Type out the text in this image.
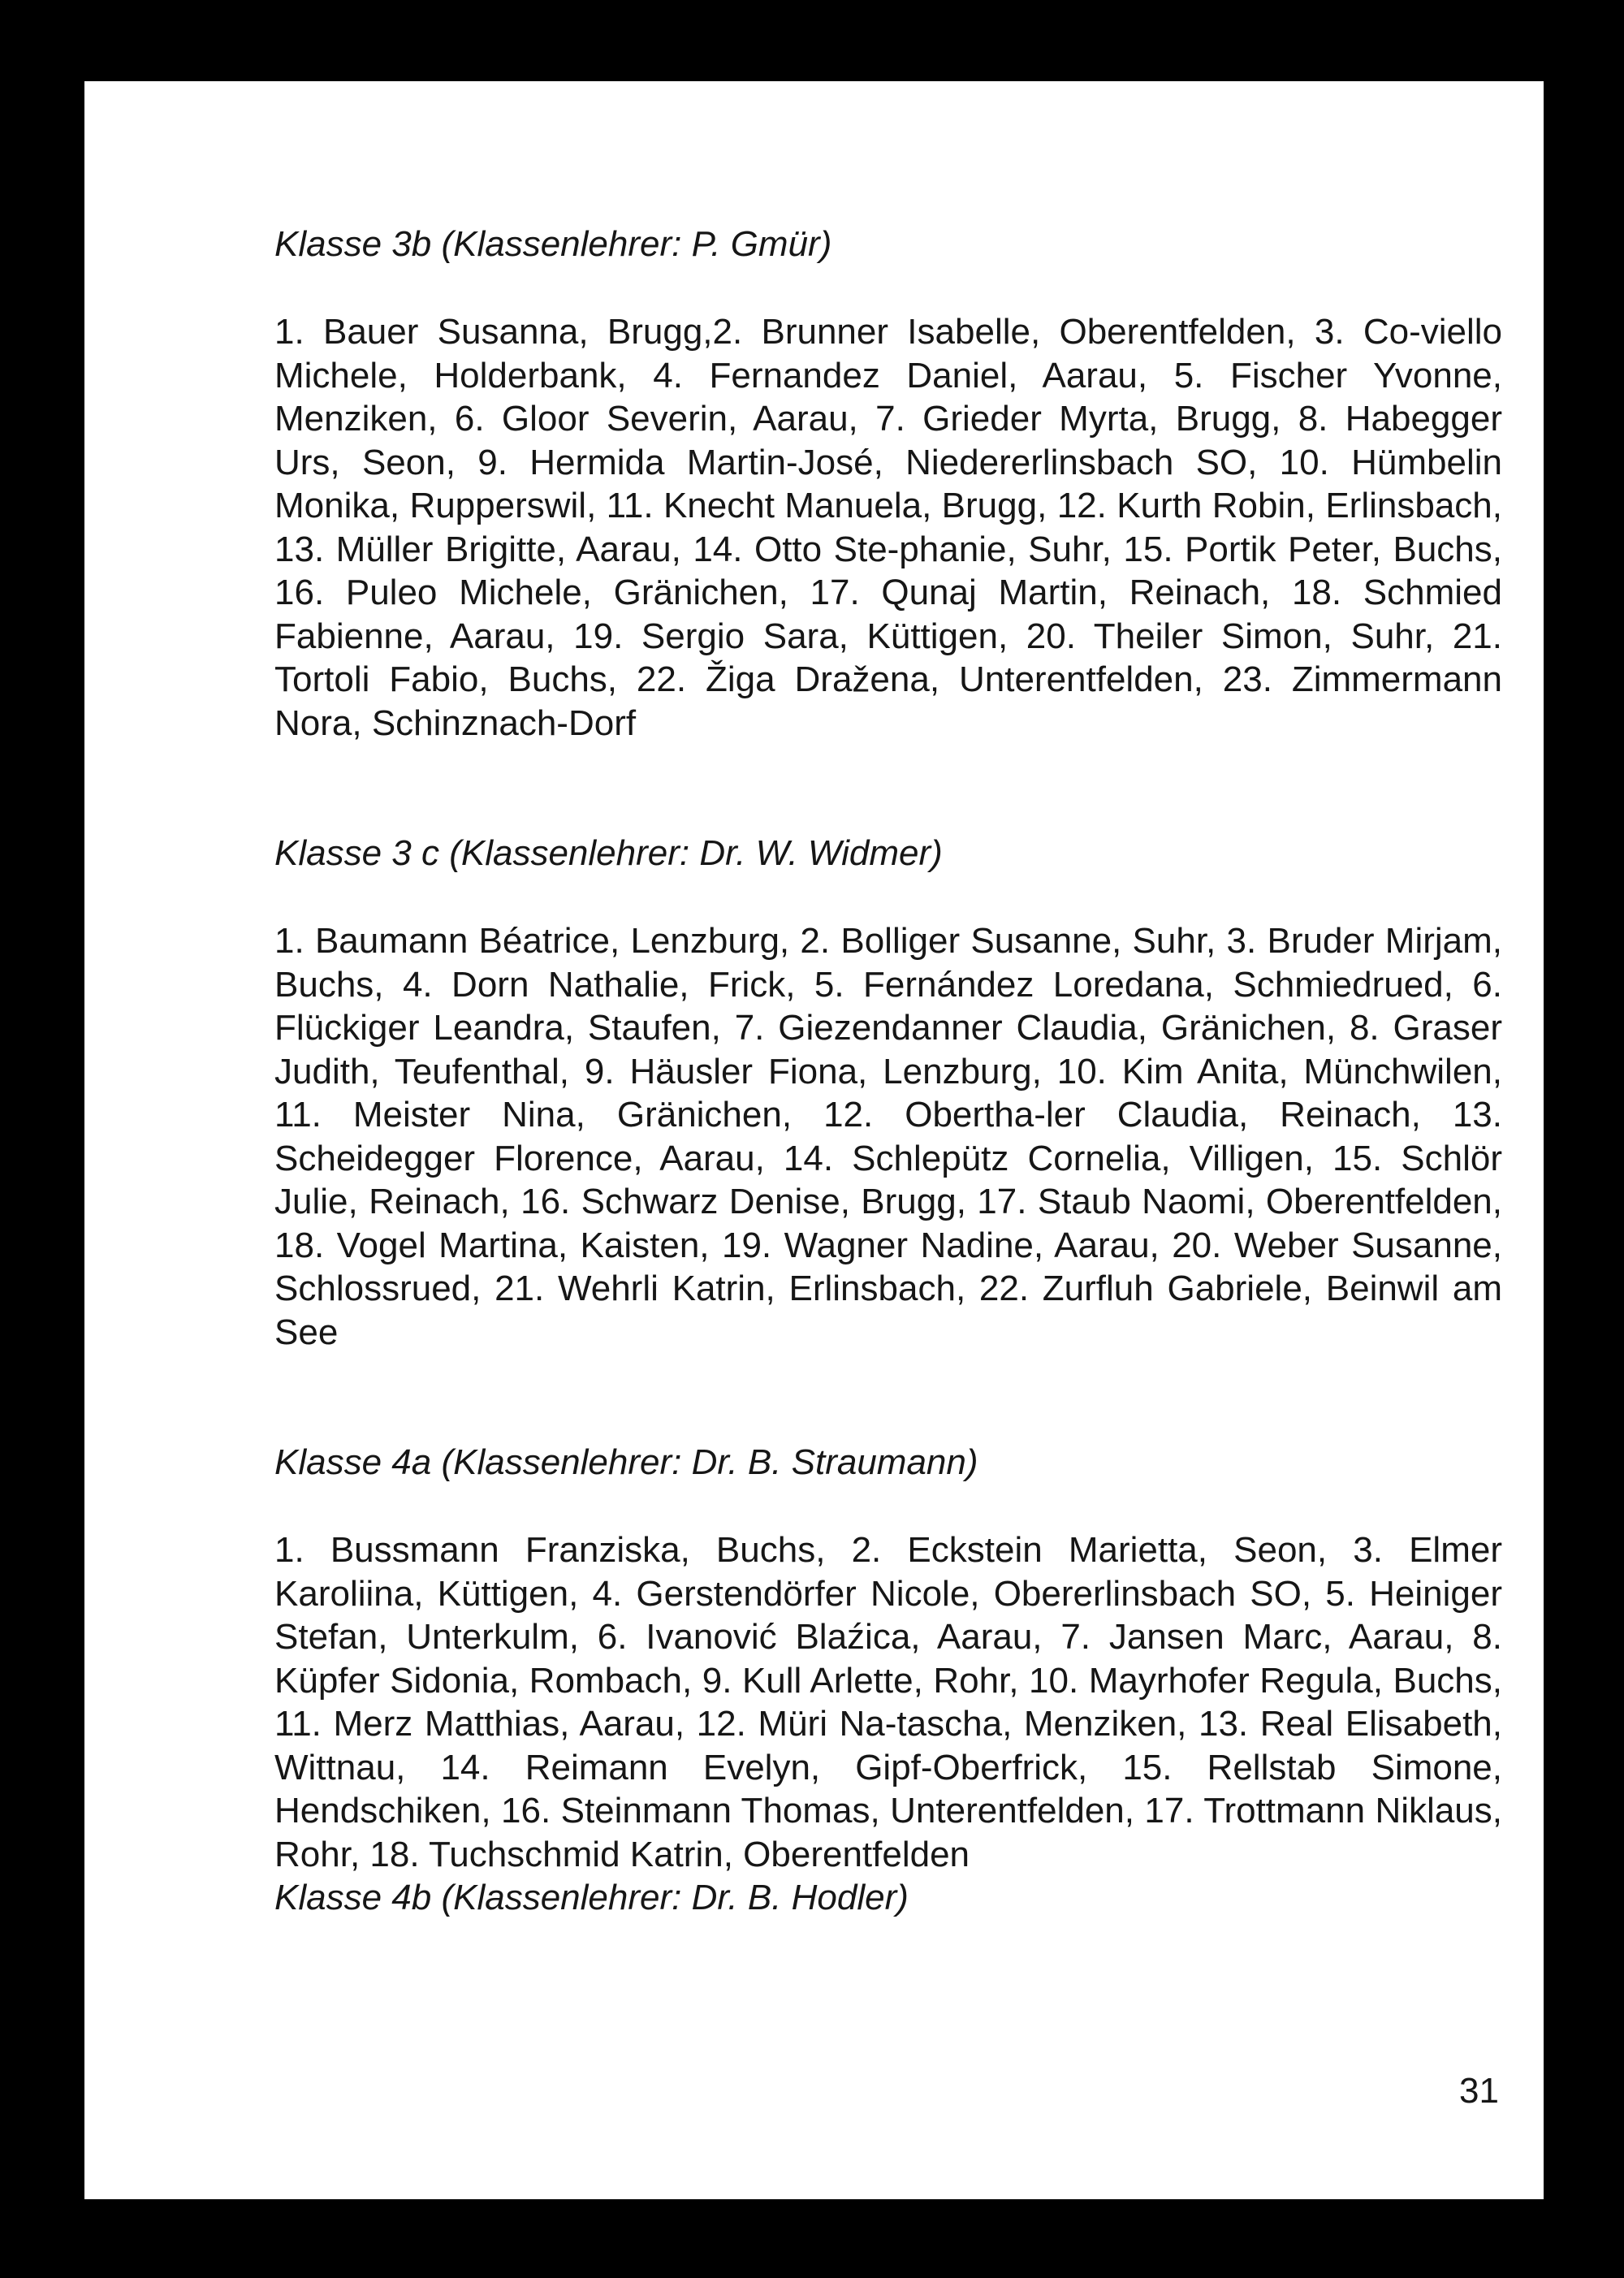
Klasse 3b (Klassenlehrer: P. Gmür)

1. Bauer Susanna, Brugg,2. Brunner Isabelle, Oberentfelden, 3. Co-viello Michele, Holderbank, 4. Fernandez Daniel, Aarau, 5. Fischer Yvonne, Menziken, 6. Gloor Severin, Aarau, 7. Grieder Myrta, Brugg, 8. Habegger Urs, Seon, 9. Hermida Martin-José, Niedererlinsbach SO, 10. Hümbelin Monika, Rupperswil, 11. Knecht Manuela, Brugg, 12. Kurth Robin, Erlinsbach, 13. Müller Brigitte, Aarau, 14. Otto Ste-phanie, Suhr, 15. Portik Peter, Buchs, 16. Puleo Michele, Gränichen, 17. Qunaj Martin, Reinach, 18. Schmied Fabienne, Aarau, 19. Sergio Sara, Küttigen, 20. Theiler Simon, Suhr, 21. Tortoli Fabio, Buchs, 22. Žiga Dražena, Unterentfelden, 23. Zimmermann Nora, Schinznach-Dorf

Klasse 3 c (Klassenlehrer: Dr. W. Widmer)

1. Baumann Béatrice, Lenzburg, 2. Bolliger Susanne, Suhr, 3. Bruder Mirjam, Buchs, 4. Dorn Nathalie, Frick, 5. Fernández Loredana, Schmiedrued, 6. Flückiger Leandra, Staufen, 7. Giezendanner Claudia, Gränichen, 8. Graser Judith, Teufenthal, 9. Häusler Fiona, Lenzburg, 10. Kim Anita, Münchwilen, 11. Meister Nina, Gränichen, 12. Obertha-ler Claudia, Reinach, 13. Scheidegger Florence, Aarau, 14. Schlepütz Cornelia, Villigen, 15. Schlör Julie, Reinach, 16. Schwarz Denise, Brugg, 17. Staub Naomi, Oberentfelden, 18. Vogel Martina, Kaisten, 19. Wagner Nadine, Aarau, 20. Weber Susanne, Schlossrued, 21. Wehrli Katrin, Erlinsbach, 22. Zurfluh Gabriele, Beinwil am See

Klasse 4a (Klassenlehrer: Dr. B. Straumann)

1. Bussmann Franziska, Buchs, 2. Eckstein Marietta, Seon, 3. Elmer Karoliina, Küttigen, 4. Gerstendörfer Nicole, Obererlinsbach SO, 5. Heiniger Stefan, Unterkulm, 6. Ivanović Blaźica, Aarau, 7. Jansen Marc, Aarau, 8. Küpfer Sidonia, Rombach, 9. Kull Arlette, Rohr, 10. Mayrhofer Regula, Buchs, 11. Merz Matthias, Aarau, 12. Müri Na-tascha, Menziken, 13. Real Elisabeth, Wittnau, 14. Reimann Evelyn, Gipf-Oberfrick, 15. Rellstab Simone, Hendschiken, 16. Steinmann Thomas, Unterentfelden, 17. Trottmann Niklaus, Rohr, 18. Tuchschmid Katrin, Oberentfelden

Klasse 4b (Klassenlehrer: Dr. B. Hodler)

31
